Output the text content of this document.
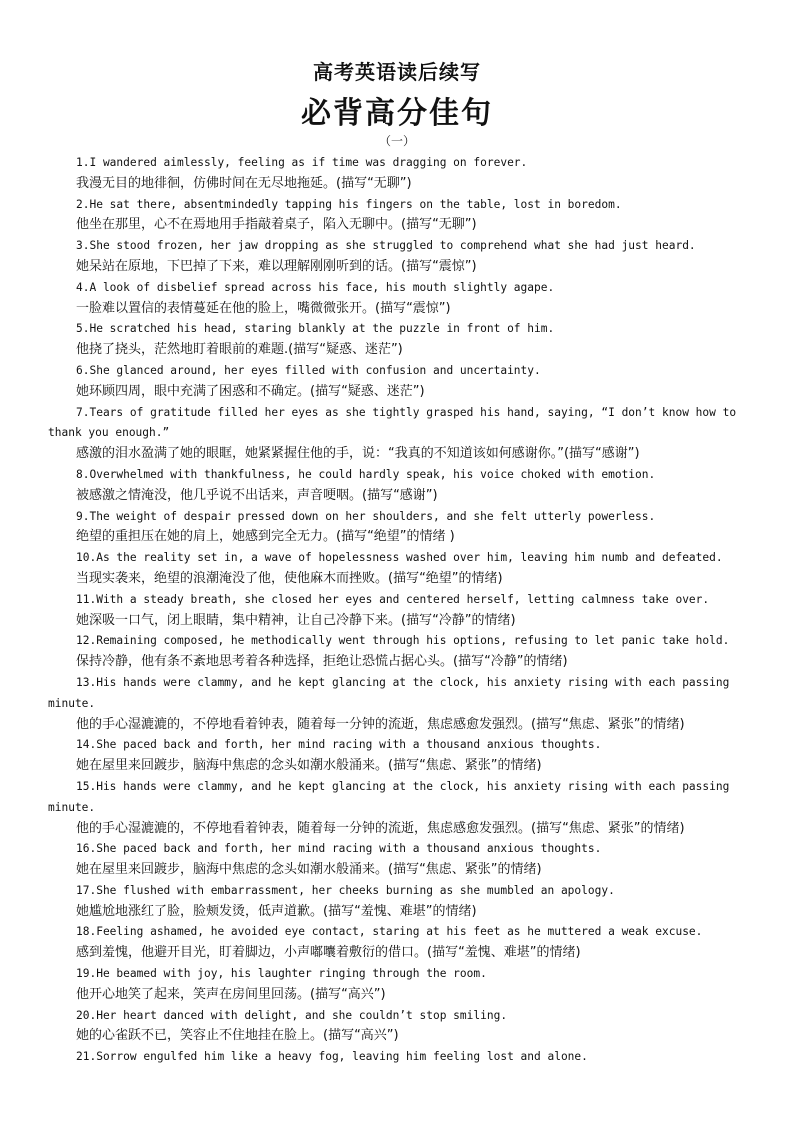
高考英语读后续写
必背高分佳句
（一）
1.I wandered aimlessly, feeling as if time was dragging on forever.
我漫无目的地徘徊，仿佛时间在无尽地拖延。(描写“无聊”)
2.He sat there, absentmindedly tapping his fingers on the table, lost in boredom.
他坐在那里，心不在焉地用手指敲着桌子，陷入无聊中。(描写“无聊”)
3.She stood frozen, her jaw dropping as she struggled to comprehend what she had just heard.
她呆站在原地，下巴掉了下来，难以理解刚刚听到的话。(描写“震惊”)
4.A look of disbelief spread across his face, his mouth slightly agape.
一脸难以置信的表情蔓延在他的脸上，嘴微微张开。(描写“震惊”)
5.He scratched his head, staring blankly at the puzzle in front of him.
他挠了挠头，茫然地盯着眼前的难题.(描写“疑惑、迷茫”)
6.She glanced around, her eyes filled with confusion and uncertainty.
她环顾四周，眼中充满了困惑和不确定。(描写“疑惑、迷茫”)
7.Tears of gratitude filled her eyes as she tightly grasped his hand, saying, “I don’t know how to thank you enough.”
感激的泪水盈满了她的眼眶，她紧紧握住他的手，说：“我真的不知道该如何感谢你。”(描写“感谢”)
8.Overwhelmed with thankfulness, he could hardly speak, his voice choked with emotion.
被感激之情淹没，他几乎说不出话来，声音哽咽。(描写“感谢”)
9.The weight of despair pressed down on her shoulders, and she felt utterly powerless.
绝望的重担压在她的肩上，她感到完全无力。(描写“绝望”的情绪 )
10.As the reality set in, a wave of hopelessness washed over him, leaving him numb and defeated.
当现实袭来，绝望的浪潮淹没了他，使他麻木而挫败。(描写“绝望”的情绪)
11.With a steady breath, she closed her eyes and centered herself, letting calmness take over.
她深吸一口气，闭上眼睛，集中精神，让自己冷静下来。(描写“冷静”的情绪)
12.Remaining composed, he methodically went through his options, refusing to let panic take hold.
保持冷静，他有条不紊地思考着各种选择，拒绝让恐慌占据心头。(描写“冷静”的情绪)
13.His hands were clammy, and he kept glancing at the clock, his anxiety rising with each passing minute.
他的手心湿漉漉的，不停地看着钟表，随着每一分钟的流逝，焦虑感愈发强烈。(描写“焦虑、紧张”的情绪)
14.She paced back and forth, her mind racing with a thousand anxious thoughts.
她在屋里来回踱步，脑海中焦虑的念头如潮水般涌来。(描写“焦虑、紧张”的情绪)
15.His hands were clammy, and he kept glancing at the clock, his anxiety rising with each passing minute.
他的手心湿漉漉的，不停地看着钟表，随着每一分钟的流逝，焦虑感愈发强烈。(描写“焦虑、紧张”的情绪)
16.She paced back and forth, her mind racing with a thousand anxious thoughts.
她在屋里来回踱步，脑海中焦虑的念头如潮水般涌来。(描写“焦虑、紧张”的情绪)
17.She flushed with embarrassment, her cheeks burning as she mumbled an apology.
她尴尬地涨红了脸，脸颊发烫，低声道歉。(描写“羞愧、难堪”的情绪)
18.Feeling ashamed, he avoided eye contact, staring at his feet as he muttered a weak excuse.
感到羞愧，他避开目光，盯着脚边，小声嘟囔着敷衍的借口。(描写“羞愧、难堪”的情绪)
19.He beamed with joy, his laughter ringing through the room.
他开心地笑了起来，笑声在房间里回荡。(描写“高兴”)
20.Her heart danced with delight, and she couldn’t stop smiling.
她的心雀跃不已，笑容止不住地挂在脸上。(描写“高兴”)
21.Sorrow engulfed him like a heavy fog, leaving him feeling lost and alone.
